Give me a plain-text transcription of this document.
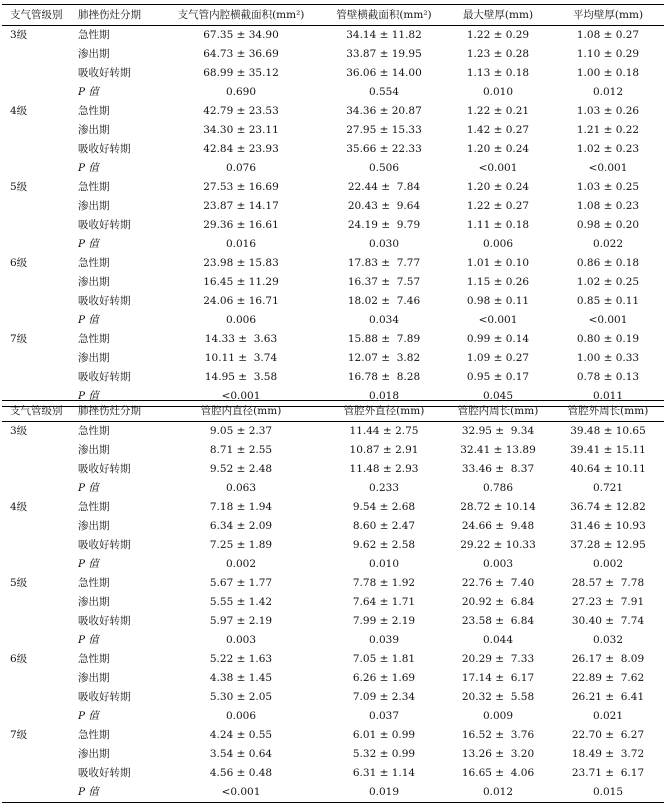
支气管级别	肺挫伤灶分期	支气管内腔横截面积(mm²)	管壁横截面积(mm²)	最大壁厚(mm)	平均壁厚(mm)
3级	急性期	67.35 ± 34.90	34.14 ± 11.82	1.22 ± 0.29	1.08 ± 0.27
	渗出期	64.73 ± 36.69	33.87 ± 19.95	1.23 ± 0.28	1.10 ± 0.29
	吸收好转期	68.99 ± 35.12	36.06 ± 14.00	1.13 ± 0.18	1.00 ± 0.18
	P 值	0.690	0.554	0.010	0.012
4级	急性期	42.79 ± 23.53	34.36 ± 20.87	1.22 ± 0.21	1.03 ± 0.26
	渗出期	34.30 ± 23.11	27.95 ± 15.33	1.42 ± 0.27	1.21 ± 0.22
	吸收好转期	42.84 ± 23.93	35.66 ± 22.33	1.20 ± 0.24	1.02 ± 0.23
	P 值	0.076	0.506	<0.001	<0.001
5级	急性期	27.53 ± 16.69	22.44 ±  7.84	1.20 ± 0.24	1.03 ± 0.25
	渗出期	23.87 ± 14.17	20.43 ±  9.64	1.22 ± 0.27	1.08 ± 0.23
	吸收好转期	29.36 ± 16.61	24.19 ±  9.79	1.11 ± 0.18	0.98 ± 0.20
	P 值	0.016	0.030	0.006	0.022
6级	急性期	23.98 ± 15.83	17.83 ±  7.77	1.01 ± 0.10	0.86 ± 0.18
	渗出期	16.45 ± 11.29	16.37 ±  7.57	1.15 ± 0.26	1.02 ± 0.25
	吸收好转期	24.06 ± 16.71	18.02 ±  7.46	0.98 ± 0.11	0.85 ± 0.11
	P 值	0.006	0.034	<0.001	<0.001
7级	急性期	14.33 ±  3.63	15.88 ±  7.89	0.99 ± 0.14	0.80 ± 0.19
	渗出期	10.11 ±  3.74	12.07 ±  3.82	1.09 ± 0.27	1.00 ± 0.33
	吸收好转期	14.95 ±  3.58	16.78 ±  8.28	0.95 ± 0.17	0.78 ± 0.13
	P 值	<0.001	0.018	0.045	0.011
支气管级别	肺挫伤灶分期	管腔内直径(mm)	管腔外直径(mm)	管腔内周长(mm)	管腔外周长(mm)
3级	急性期	9.05 ± 2.37	11.44 ± 2.75	32.95 ±  9.34	39.48 ± 10.65
	渗出期	8.71 ± 2.55	10.87 ± 2.91	32.41 ± 13.89	39.41 ± 15.11
	吸收好转期	9.52 ± 2.48	11.48 ± 2.93	33.46 ±  8.37	40.64 ± 10.11
	P 值	0.063	0.233	0.786	0.721
4级	急性期	7.18 ± 1.94	9.54 ± 2.68	28.72 ± 10.14	36.74 ± 12.82
	渗出期	6.34 ± 2.09	8.60 ± 2.47	24.66 ±  9.48	31.46 ± 10.93
	吸收好转期	7.25 ± 1.89	9.62 ± 2.58	29.22 ± 10.33	37.28 ± 12.95
	P 值	0.002	0.010	0.003	0.002
5级	急性期	5.67 ± 1.77	7.78 ± 1.92	22.76 ±  7.40	28.57 ±  7.78
	渗出期	5.55 ± 1.42	7.64 ± 1.71	20.92 ±  6.84	27.23 ±  7.91
	吸收好转期	5.97 ± 2.19	7.99 ± 2.19	23.58 ±  6.84	30.40 ±  7.74
	P 值	0.003	0.039	0.044	0.032
6级	急性期	5.22 ± 1.63	7.05 ± 1.81	20.29 ±  7.33	26.17 ±  8.09
	渗出期	4.38 ± 1.45	6.26 ± 1.69	17.14 ±  6.17	22.89 ±  7.62
	吸收好转期	5.30 ± 2.05	7.09 ± 2.34	20.32 ±  5.58	26.21 ±  6.41
	P 值	0.006	0.037	0.009	0.021
7级	急性期	4.24 ± 0.55	6.01 ± 0.99	16.52 ±  3.76	22.70 ±  6.27
	渗出期	3.54 ± 0.64	5.32 ± 0.99	13.26 ±  3.20	18.49 ±  3.72
	吸收好转期	4.56 ± 0.48	6.31 ± 1.14	16.65 ±  4.06	23.71 ±  6.17
	P 值	<0.001	0.019	0.012	0.015
